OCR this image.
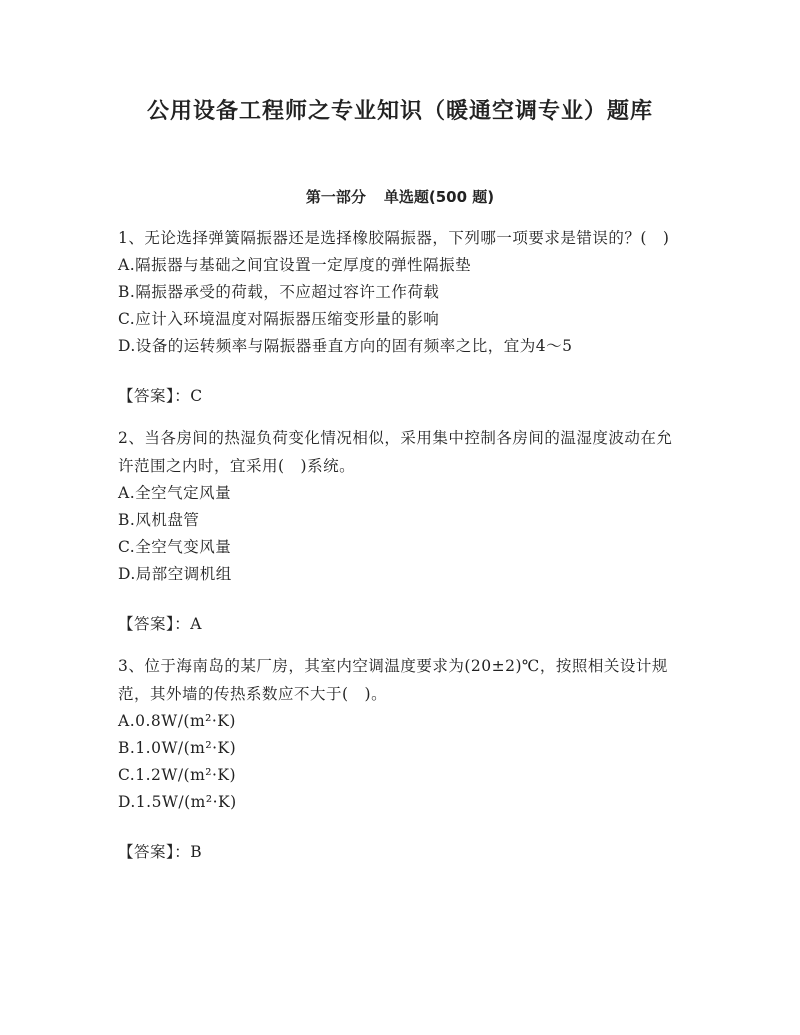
公用设备工程师之专业知识（暖通空调专业）题库
第一部分 单选题(500 题)

1、无论选择弹簧隔振器还是选择橡胶隔振器，下列哪一项要求是错误的？(　)

A.隔振器与基础之间宜设置一定厚度的弹性隔振垫

B.隔振器承受的荷载，不应超过容许工作荷载

C.应计入环境温度对隔振器压缩变形量的影响

D.设备的运转频率与隔振器垂直方向的固有频率之比，宜为4～5

【答案】：C

2、当各房间的热湿负荷变化情况相似，采用集中控制各房间的温湿度波动在允许范围之内时，宜采用(　)系统。

A.全空气定风量

B.风机盘管

C.全空气变风量

D.局部空调机组

【答案】：A

3、位于海南岛的某厂房，其室内空调温度要求为(20±2)℃，按照相关设计规范，其外墙的传热系数应不大于(　)。

A.0.8W/(m²·K)

B.1.0W/(m²·K)

C.1.2W/(m²·K)

D.1.5W/(m²·K)

【答案】：B
